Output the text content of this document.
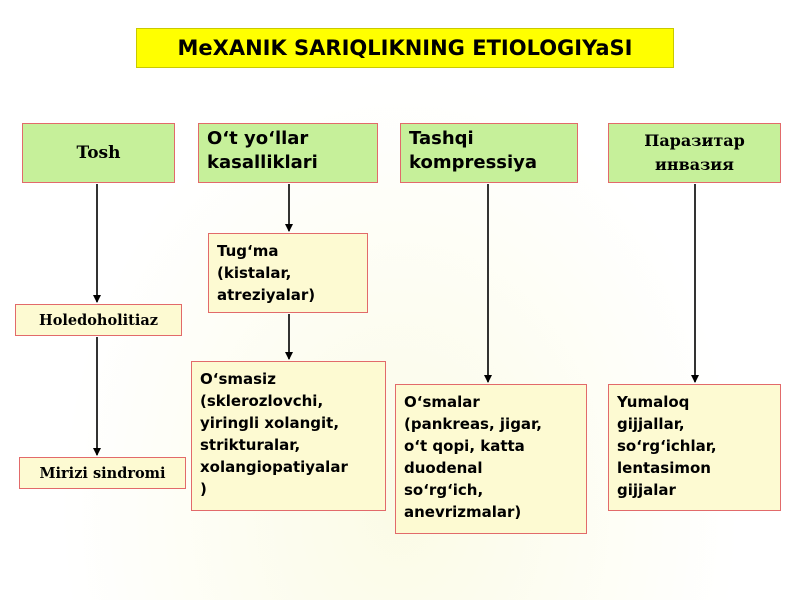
MeXANIK SARIQLIKNING ETIOLOGIYaSI
Tosh
O‘t yo‘llar
kasalliklari
Tashqi
kompressiya
Паразитар
инвазия
Tug‘ma
(kistalar,
atreziyalar)
Holedoholitiaz
O‘smasiz
(sklerozlovchi,
yiringli xolangit,
strikturalar,
xolangiopatiyalar
)
O‘smalar
(pankreas, jigar,
o‘t qopi, katta
duodenal
so‘rg‘ich,
anevrizmalar)
Yumaloq
gijjallar,
so‘rg‘ichlar,
lentasimon
gijjalar
Mirizi sindromi
